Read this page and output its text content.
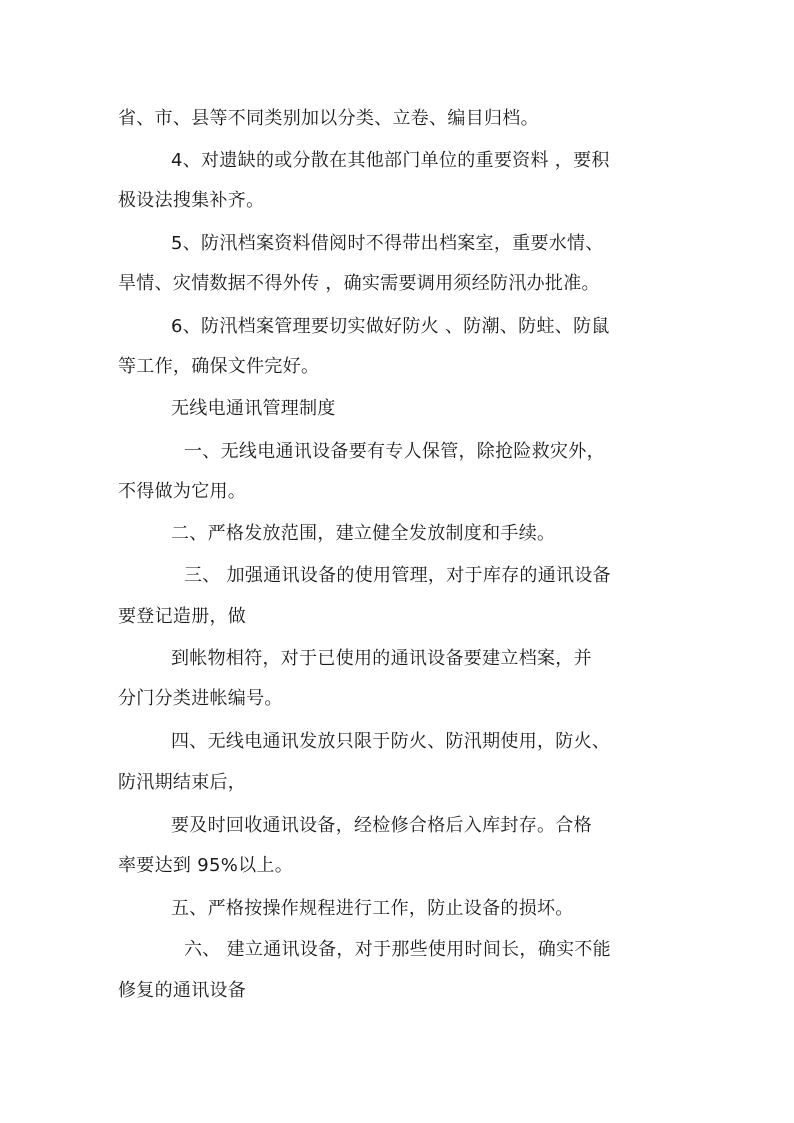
省、市、县等不同类别加以分类、立卷、编目归档。
4、对遗缺的或分散在其他部门单位的重要资料 ，要积
极设法搜集补齐。
5、防汛档案资料借阅时不得带出档案室，重要水情、
旱情、灾情数据不得外传 ，确实需要调用须经防汛办批准。
6、防汛档案管理要切实做好防火 、防潮、防蛀、防鼠
等工作，确保文件完好。
无线电通讯管理制度
一、无线电通讯设备要有专人保管，除抢险救灾外，
不得做为它用。
二、严格发放范围，建立健全发放制度和手续。
三、 加强通讯设备的使用管理，对于库存的通讯设备
要登记造册，做
到帐物相符，对于已使用的通讯设备要建立档案，并
分门分类进帐编号。
四、无线电通讯发放只限于防火、防汛期使用，防火、
防汛期结束后，
要及时回收通讯设备，经检修合格后入库封存。合格
率要达到 95%以上。
五、严格按操作规程进行工作，防止设备的损坏。
六、 建立通讯设备，对于那些使用时间长，确实不能
修复的通讯设备
